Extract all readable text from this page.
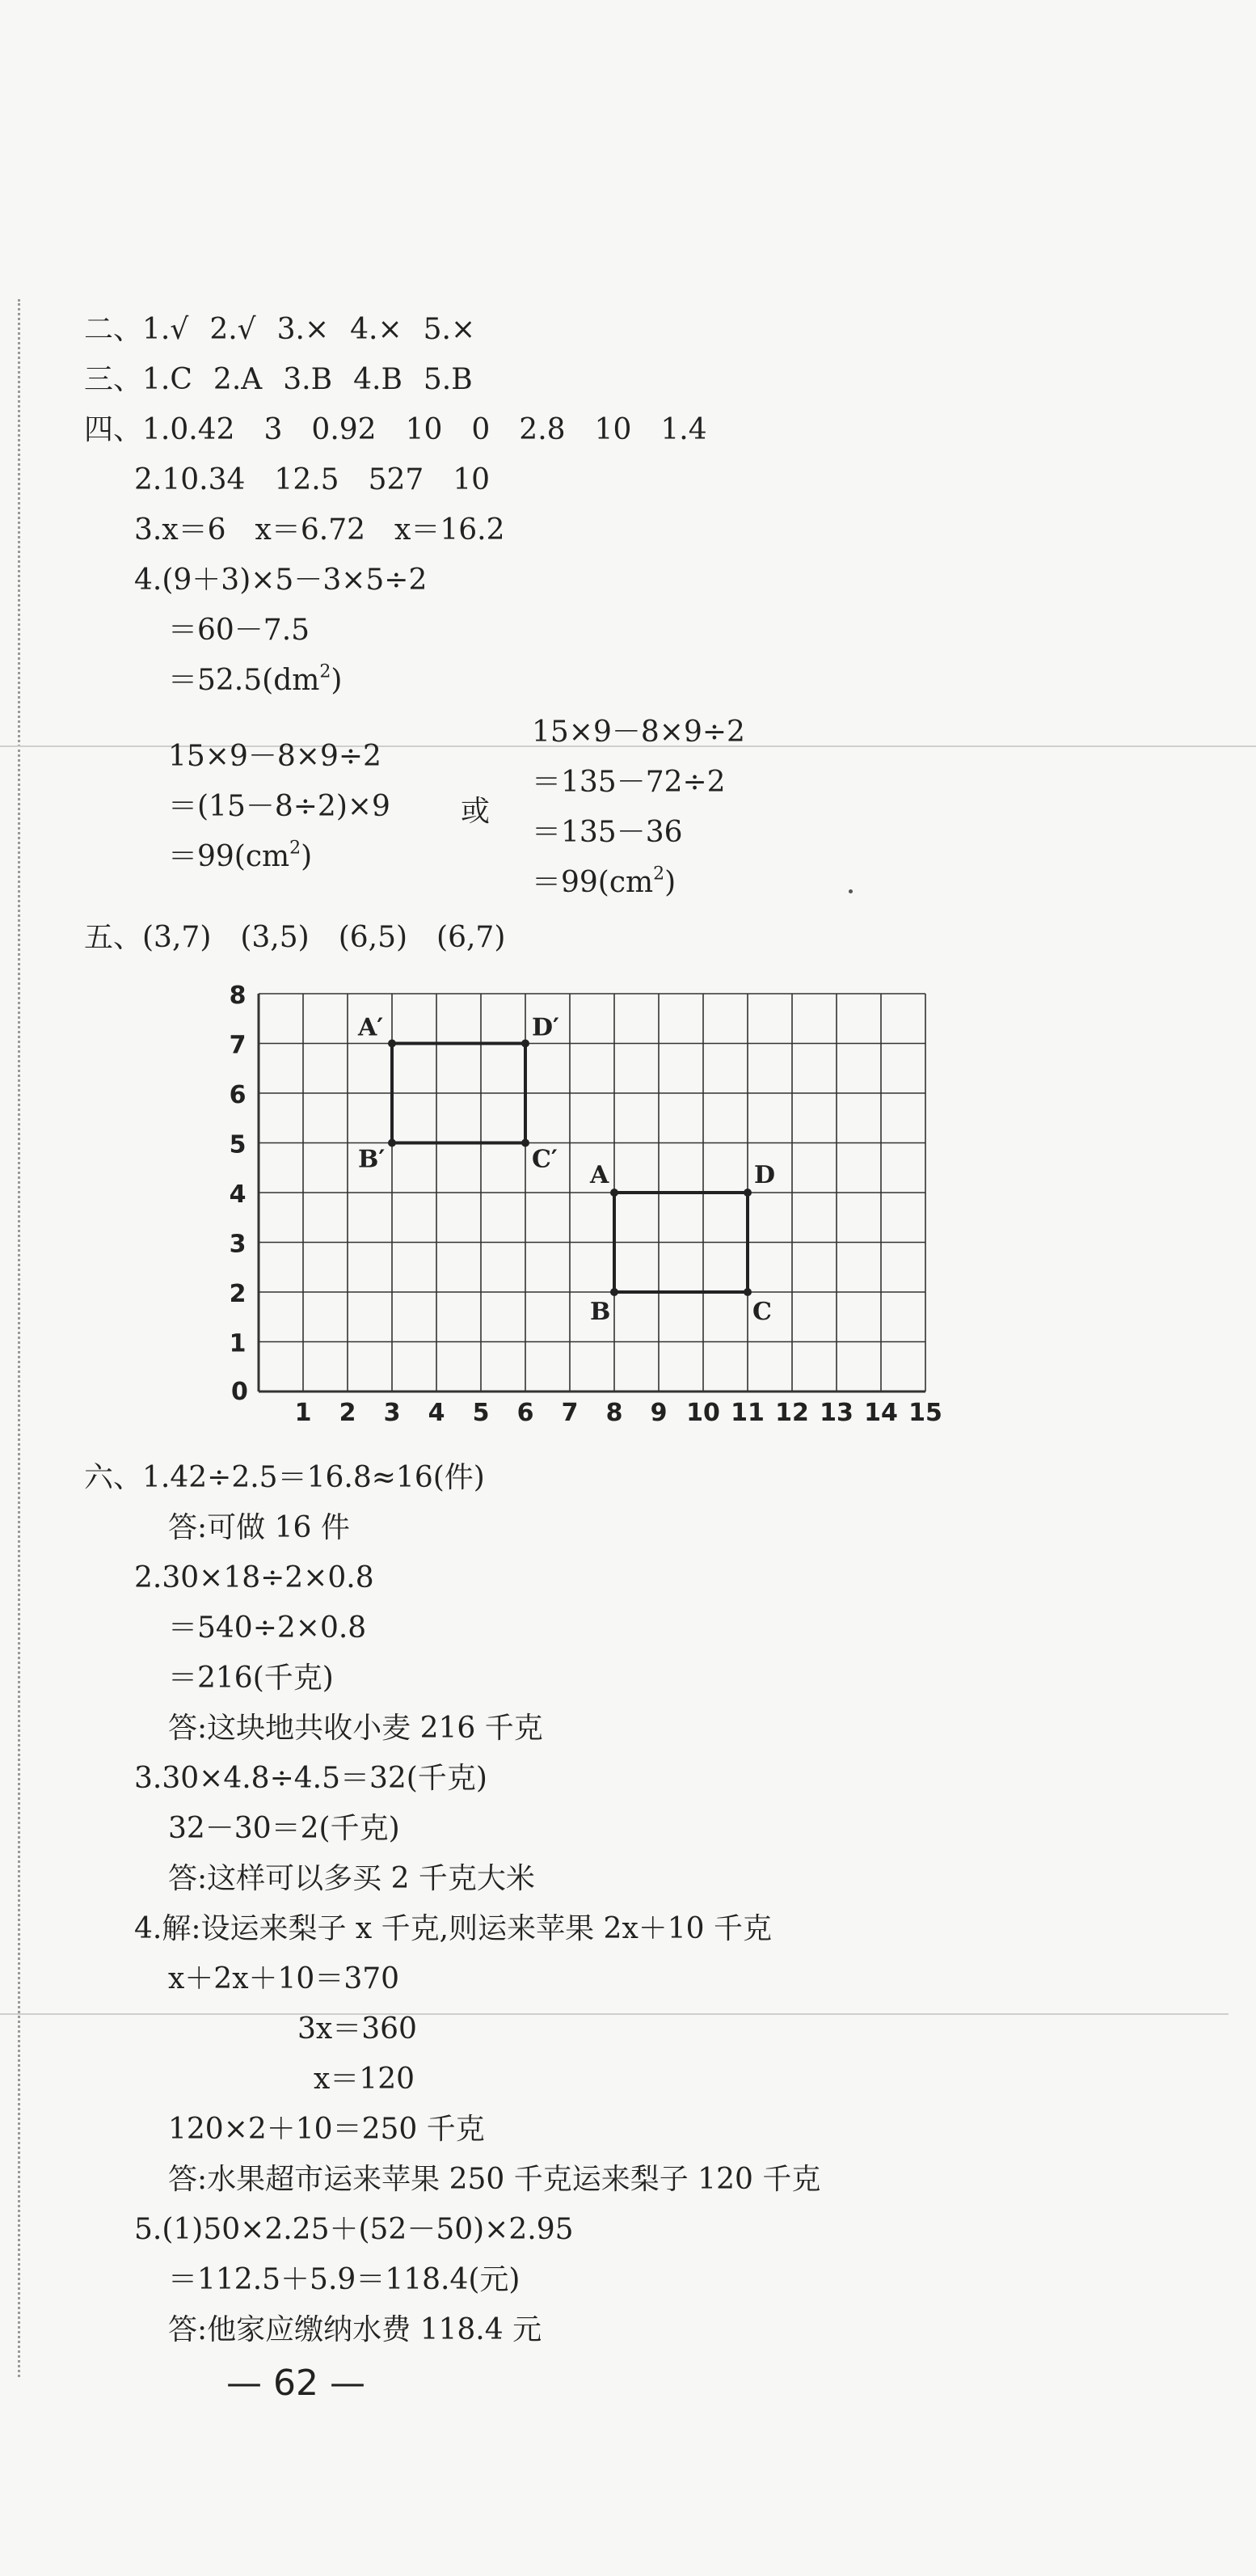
二、1.√ 2.√ 3.× 4.× 5.×
三、1.C 2.A 3.B 4.B 5.B
四、1.0.42　3　0.92　10　0　2.8　10　1.4
2.10.34　12.5　527　10
3.x＝6　x＝6.72　x＝16.2
4.(9＋3)×5－3×5÷2
＝60－7.5
$=52.5(dm^2)$
15×9－8×9÷2
＝(15－8÷2)×9
$=99(cm^2)$
或
15×9－8×9÷2
＝135－72÷2
＝135－36
$=99(cm^2)$
五、(3,7)　(3,5)　(6,5)　(6,7)
0
1 2 3 4 5 6 7 8 9 10 11 12 13 14 15
1
2
3
4
5
6
7
8
A′
B′	C′
D′
A
B	C
D
六、1.42÷2.5＝16.8≈16(件)
答:可做 16 件
2.30×18÷2×0.8
＝540÷2×0.8
＝216(千克)
答:这块地共收小麦 216 千克
3.30×4.8÷4.5＝32(千克)
32－30＝2(千克)
答:这样可以多买 2 千克大米
4.解:设运来梨子 x 千克,则运来苹果 2x＋10 千克
x＋2x＋10＝370
3x＝360
x＝120
120×2＋10＝250 千克
答:水果超市运来苹果 250 千克运来梨子 120 千克
5.(1)50×2.25＋(52－50)×2.95
＝112.5＋5.9＝118.4(元)
答:他家应缴纳水费 118.4 元
— 62 —
